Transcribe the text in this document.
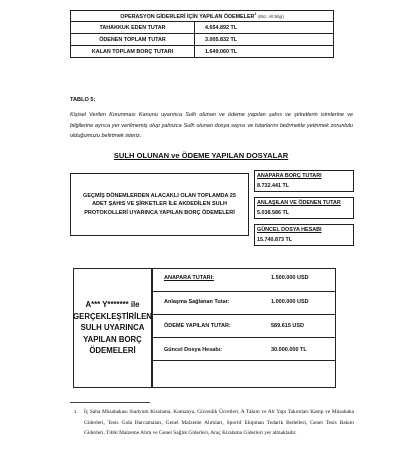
OPERASYON GİDERLERİ İÇİN YAPILAN ÖDEMELER$^1$ (Bkz. Alt Bilgi)	
TAHAKKUK EDEN TUTAR	4.654.892 TL
ÖDENEN TOPLAM TUTAR	3.005.832 TL
KALAN TOPLAM BORÇ TUTARI	1.649.060 TL
TABLO 5;

Kişisel Verilen Korunması Kanunu uyarınca Sulh olunan ve ödeme yapılan şahıs ve şirketlerin isimlerine ve bilgilerine ayrıca yer verilmemiş olup yalnızca Sulh olunan dosya sayısı ve tutarlarını belirmekle yetinmek zorunlulu olduğumuzu belirtmek isteriz.

SULH OLUNAN ve ÖDEME YAPILAN DOSYALAR
GEÇMİŞ DÖNEMLERDEN ALACAKLI OLAN TOPLAMDA 25 ADET ŞAHIS VE ŞİRKETLER İLE AKDEDİLEN SULH PROTOKOLLERİ UYARINCA YAPILAN BORÇ ÖDEMELERİ
ANAPARA BORÇ TUTARI
8.732.441 TL
ANLAŞILAN VE ÖDENEN TUTAR
5.038.586 TL
GÜNCEL DOSYA HESABI
15.740.873 TL
A*** Y******* ile GERÇEKLEŞTİRİLEN SULH UYARINCA YAPILAN BORÇ ÖDEMELERİ
ANAPARA TUTARI:	1.500.000 USD
Anlaşma Sağlanan Tutar:	1.000.000 USD
ÖDEME YAPILAN TUTAR:	589.615 USD
Güncel Dosya Hesabı:	30.000.000 TL
1 İç Saha Müsabakası Stadyum Kiralama, Kumanya, Güvenlik Ücretleri, A Takım ve Alt Yapı Takımları Kamp ve Müsabaka Giderleri, Tesis Gıda Harcamaları, Genel Malzeme Alımları, Sportif Ekipman Tedarik Bedelleri, Genel Tesis Bakım Giderleri, Tıbbi Malzeme Alım ve Genel Sağlık Giderleri, Araç Kiralama Giderleri yer almaktadır.
